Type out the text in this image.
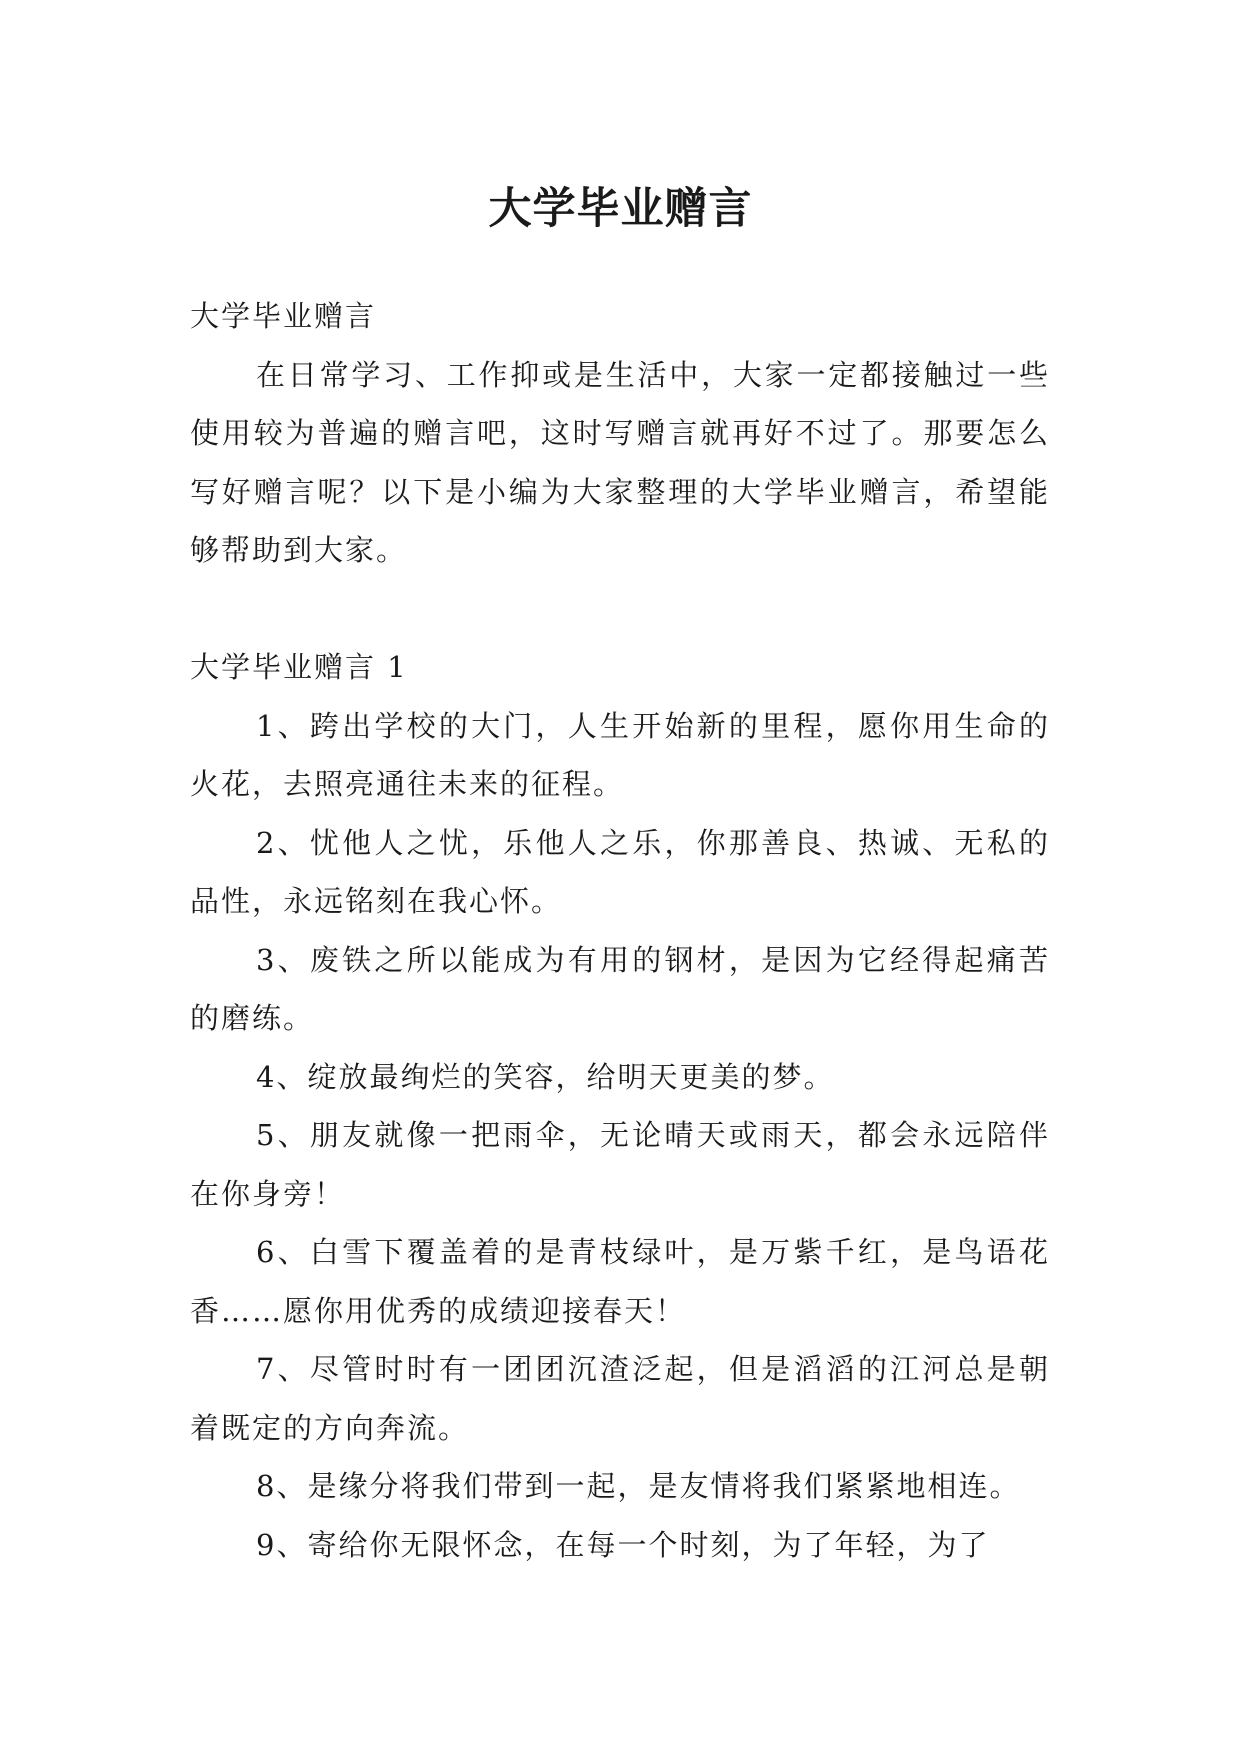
大学毕业赠言

大学毕业赠言

在日常学习、工作抑或是生活中，大家一定都接触过一些使用较为普遍的赠言吧，这时写赠言就再好不过了。那要怎么写好赠言呢？以下是小编为大家整理的大学毕业赠言，希望能够帮助到大家。

大学毕业赠言 1

1、跨出学校的大门，人生开始新的里程，愿你用生命的火花，去照亮通往未来的征程。

2、忧他人之忧，乐他人之乐，你那善良、热诚、无私的品性，永远铭刻在我心怀。

3、废铁之所以能成为有用的钢材，是因为它经得起痛苦的磨练。

4、绽放最绚烂的笑容，给明天更美的梦。

5、朋友就像一把雨伞，无论晴天或雨天，都会永远陪伴在你身旁！

6、白雪下覆盖着的是青枝绿叶，是万紫千红，是鸟语花香……愿你用优秀的成绩迎接春天！

7、尽管时时有一团团沉渣泛起，但是滔滔的江河总是朝着既定的方向奔流。

8、是缘分将我们带到一起，是友情将我们紧紧地相连。

9、寄给你无限怀念，在每一个时刻，为了年轻，为了
